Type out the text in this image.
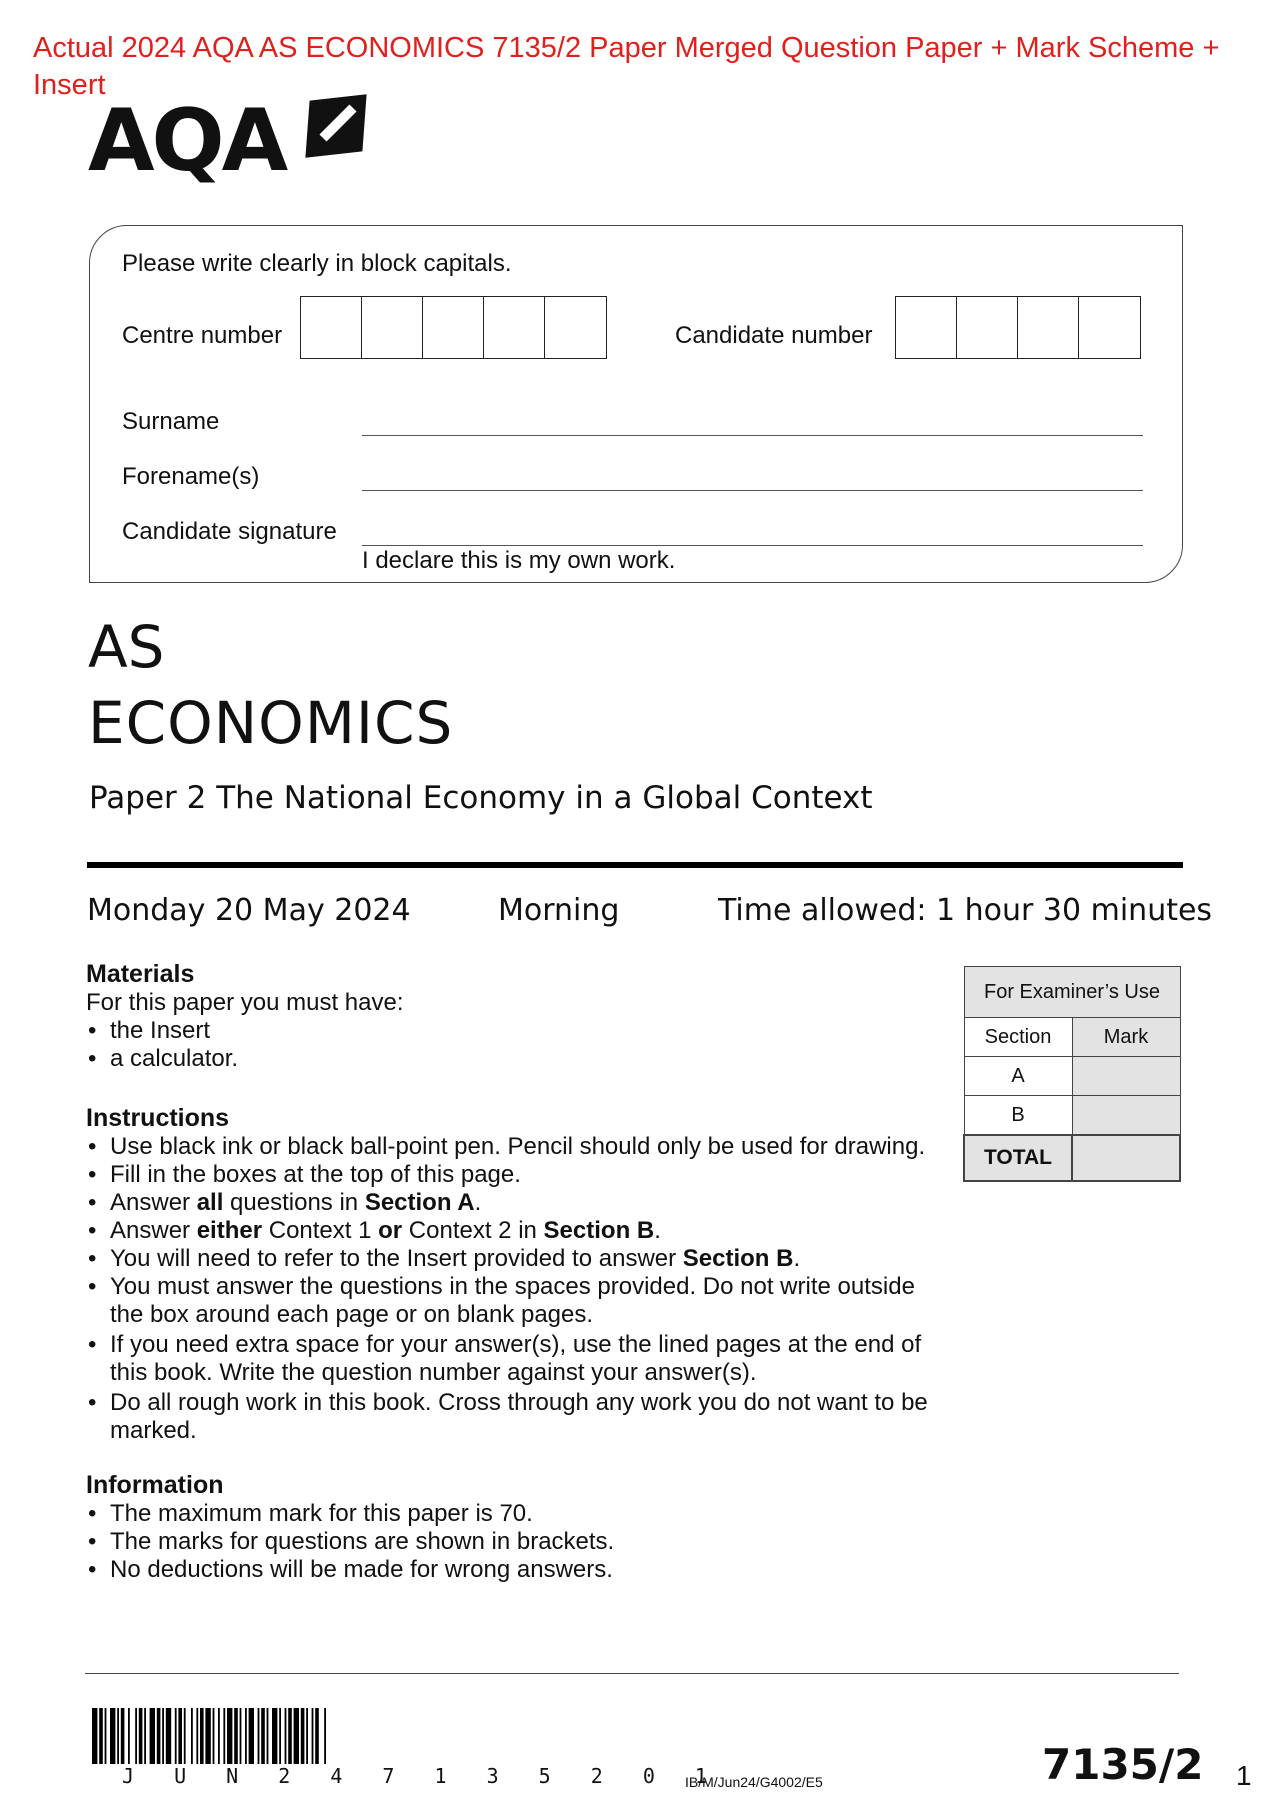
Actual 2024 AQA AS ECONOMICS 7135/2 Paper Merged Question Paper + Mark Scheme + Insert
AQA
Please write clearly in block capitals.
Centre number	Candidate number
Surname
Forename(s)
Candidate signature
I declare this is my own work.
AS
ECONOMICS
Paper 2 The National Economy in a Global Context
Monday 20 May 2024	Morning	Time allowed: 1 hour 30 minutes
Materials
For this paper you must have:
• the Insert
• a calculator.
Instructions
• Use black ink or black ball-point pen. Pencil should only be used for drawing.
• Fill in the boxes at the top of this page.
• Answer all questions in Section A.
• Answer either Context 1 or Context 2 in Section B.
• You will need to refer to the Insert provided to answer Section B.
• You must answer the questions in the spaces provided. Do not write outside the box around each page or on blank pages.
• If you need extra space for your answer(s), use the lined pages at the end of this book. Write the question number against your answer(s).
• Do all rough work in this book. Cross through any work you do not want to be marked.
Information
• The maximum mark for this paper is 70.
• The marks for questions are shown in brackets.
• No deductions will be made for wrong answers.
For Examiner’s Use	
Section	Mark
A	
B	
TOTAL	
J U N 2 4 7 1 3 5 2 0 1
IB/M/Jun24/G4002/E5	7135/2 1
